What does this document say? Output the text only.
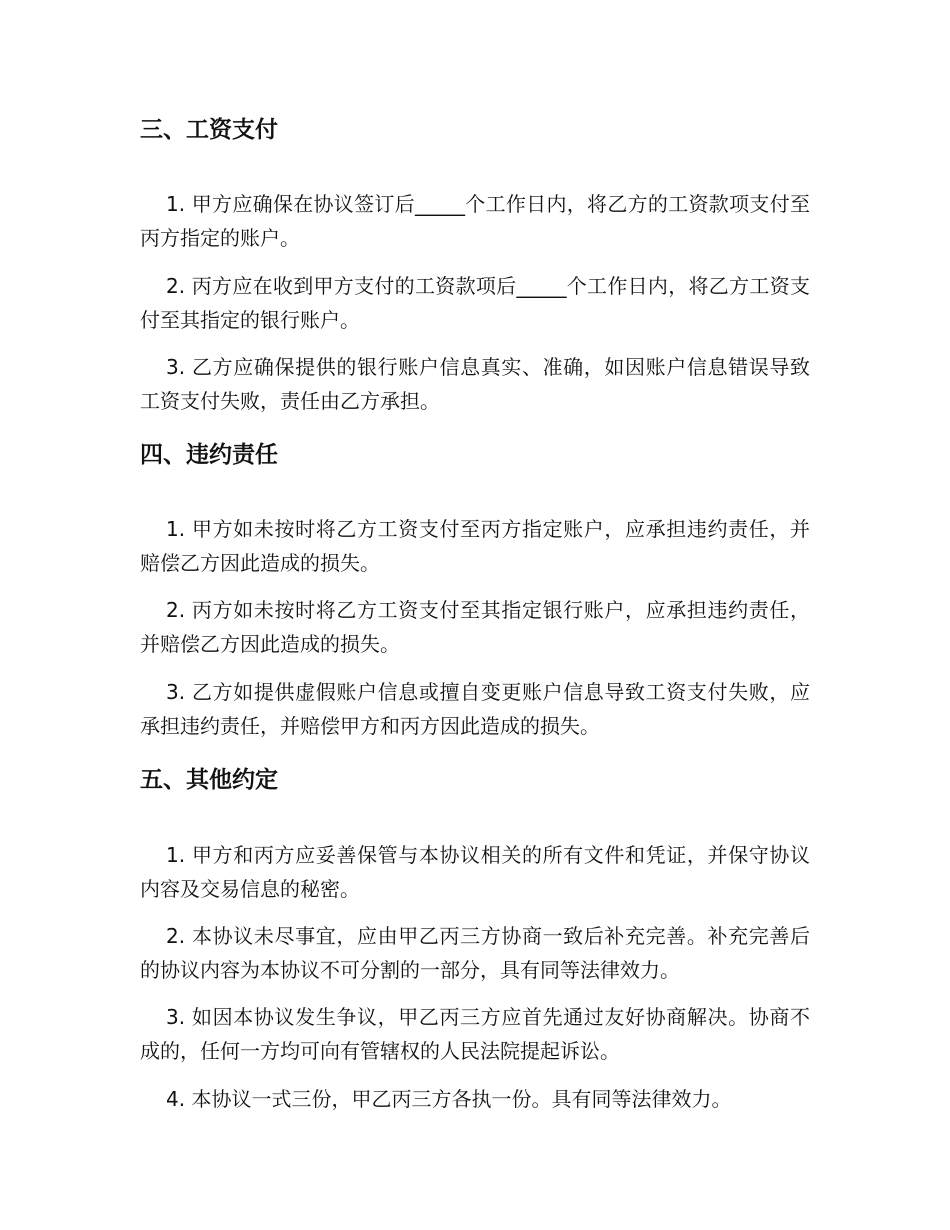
三、工资支付

1. 甲方应确保在协议签订后_____个工作日内，将乙方的工资款项支付至丙方指定的账户。

2. 丙方应在收到甲方支付的工资款项后_____个工作日内，将乙方工资支付至其指定的银行账户。

3. 乙方应确保提供的银行账户信息真实、准确，如因账户信息错误导致工资支付失败，责任由乙方承担。

四、违约责任

1. 甲方如未按时将乙方工资支付至丙方指定账户，应承担违约责任，并赔偿乙方因此造成的损失。

2. 丙方如未按时将乙方工资支付至其指定银行账户，应承担违约责任，并赔偿乙方因此造成的损失。

3. 乙方如提供虚假账户信息或擅自变更账户信息导致工资支付失败，应承担违约责任，并赔偿甲方和丙方因此造成的损失。

五、其他约定

1. 甲方和丙方应妥善保管与本协议相关的所有文件和凭证，并保守协议内容及交易信息的秘密。

2. 本协议未尽事宜，应由甲乙丙三方协商一致后补充完善。补充完善后的协议内容为本协议不可分割的一部分，具有同等法律效力。

3. 如因本协议发生争议，甲乙丙三方应首先通过友好协商解决。协商不成的，任何一方均可向有管辖权的人民法院提起诉讼。

4. 本协议一式三份，甲乙丙三方各执一份。具有同等法律效力。
